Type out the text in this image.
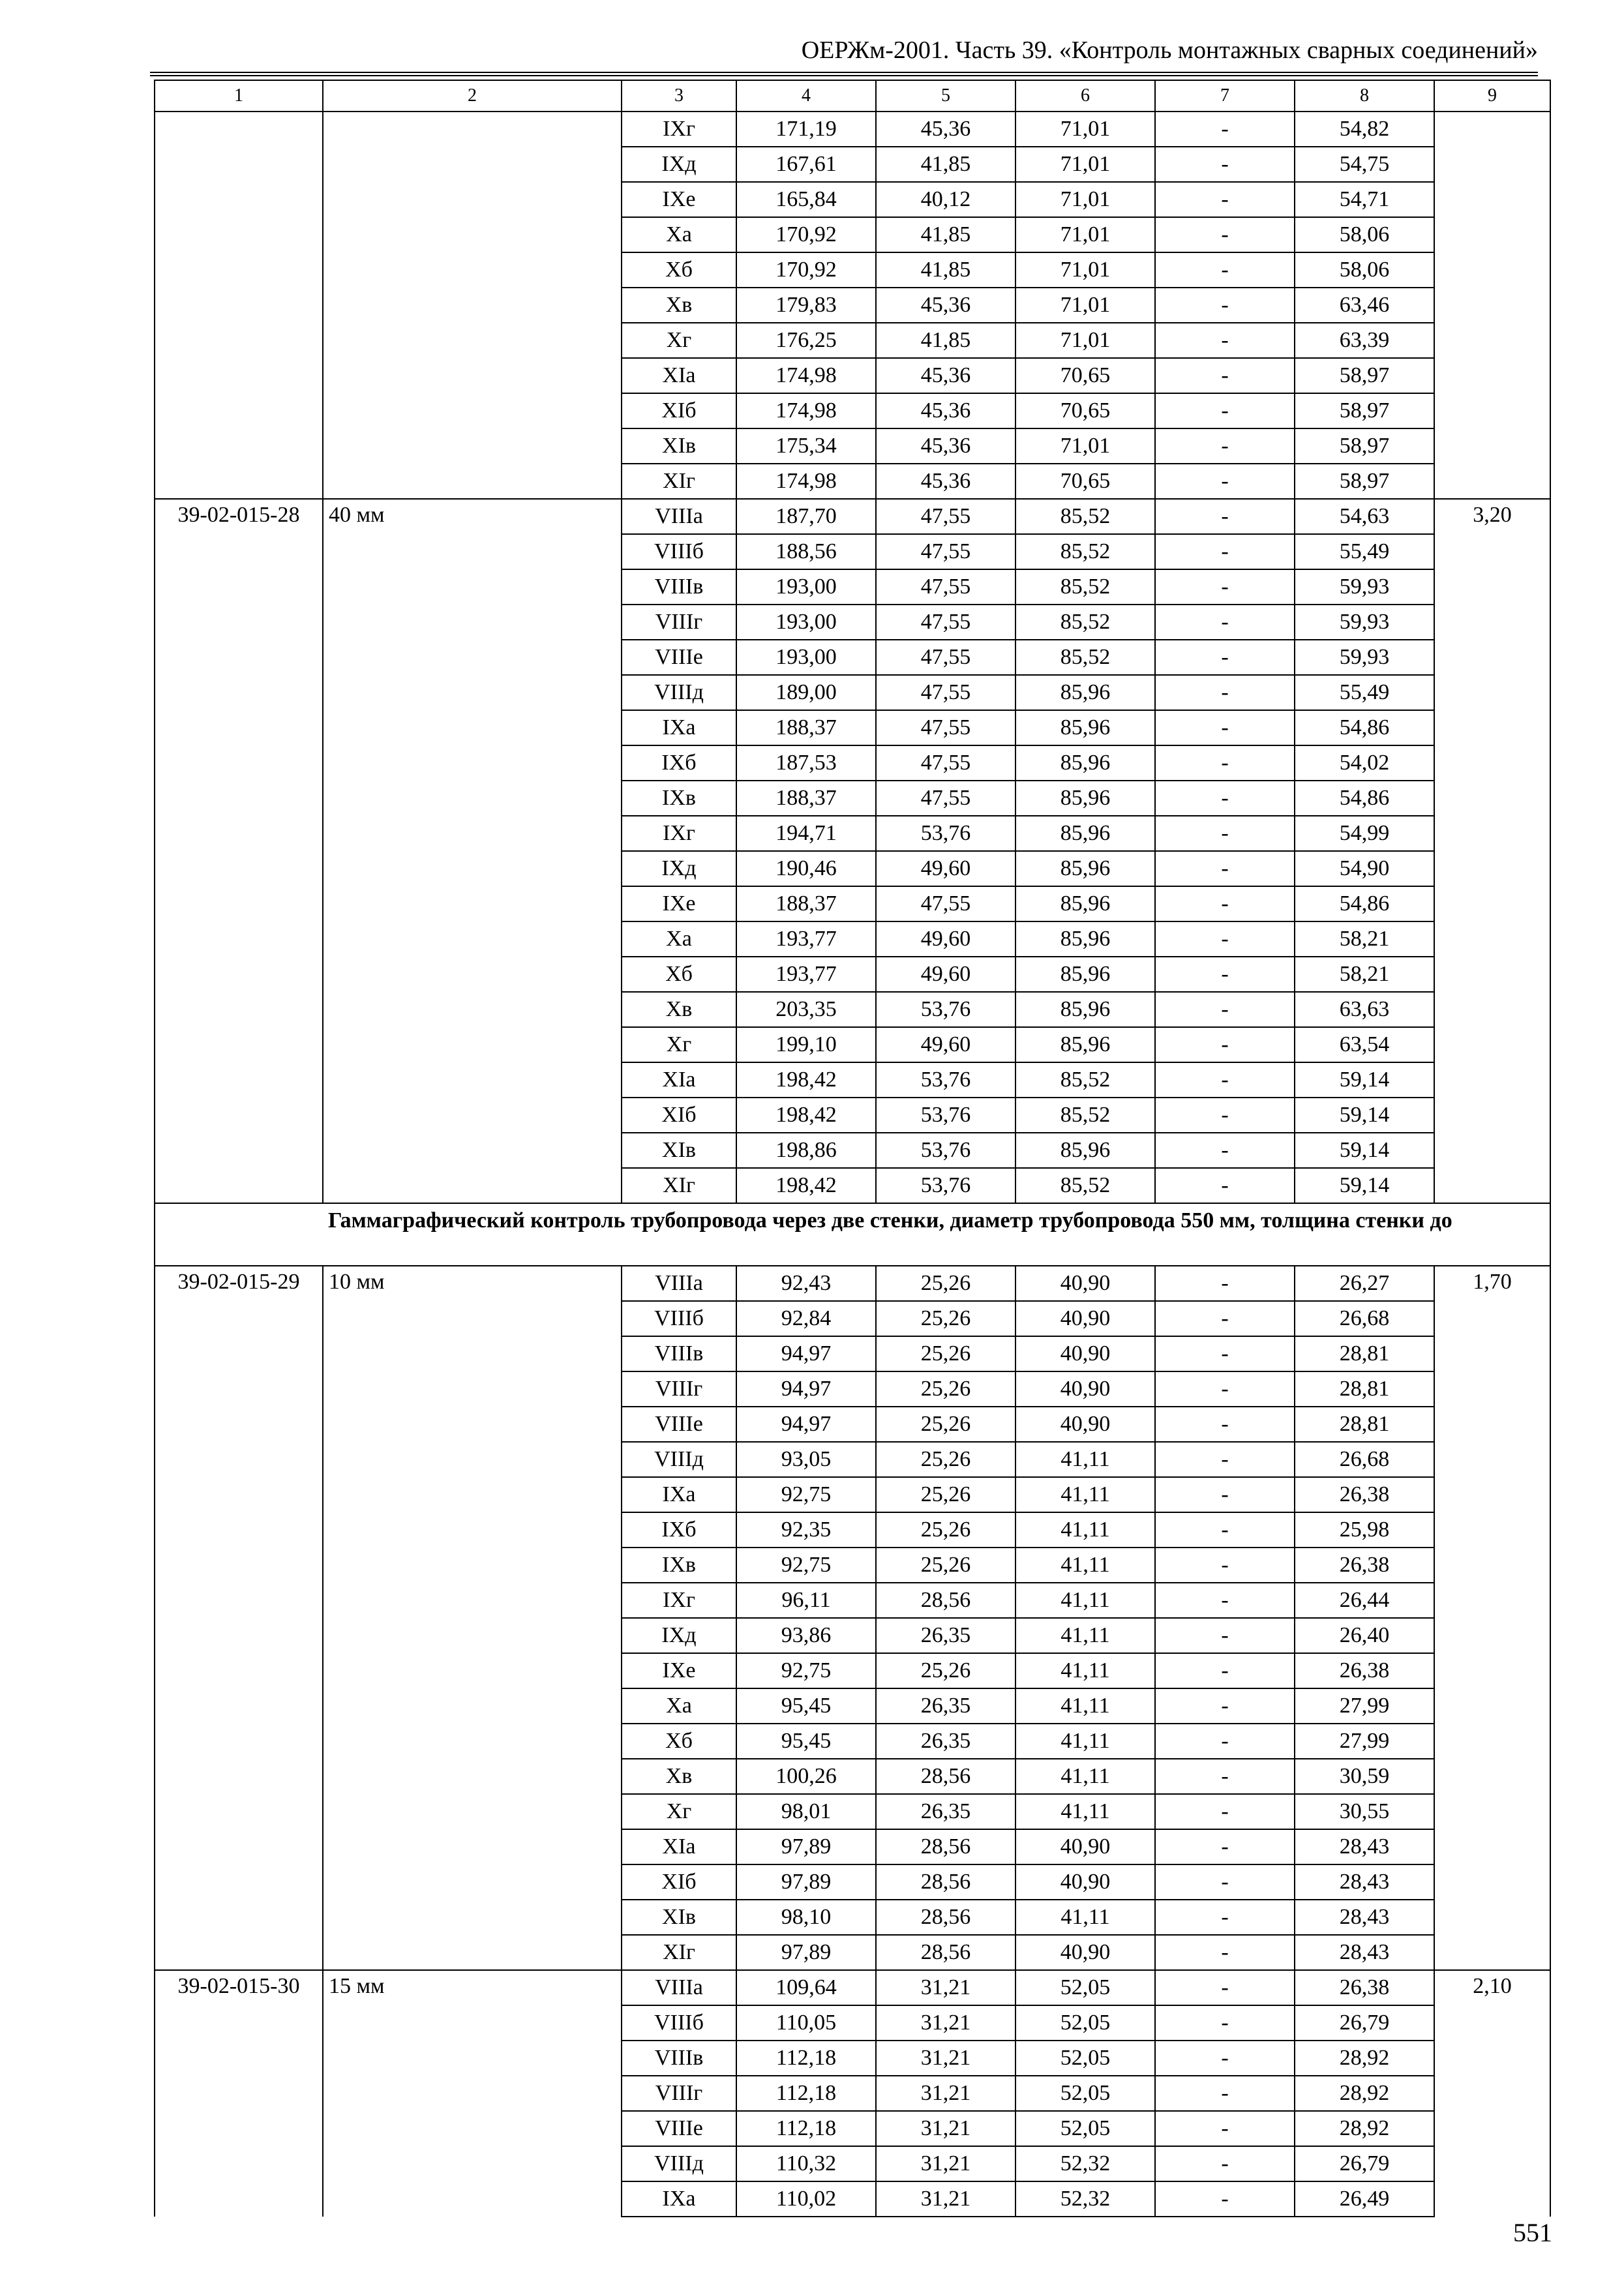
ОЕРЖм-2001. Часть 39. «Контроль монтажных сварных соединений»
1	2	3	4	5	6	7	8	9
		IXг	171,19	45,36	71,01	-	54,82	
		IXд	167,61	41,85	71,01	-	54,75	
		IXе	165,84	40,12	71,01	-	54,71	
		Xа	170,92	41,85	71,01	-	58,06	
		Xб	170,92	41,85	71,01	-	58,06	
		Xв	179,83	45,36	71,01	-	63,46	
		Xг	176,25	41,85	71,01	-	63,39	
		XIа	174,98	45,36	70,65	-	58,97	
		XIб	174,98	45,36	70,65	-	58,97	
		XIв	175,34	45,36	71,01	-	58,97	
		XIг	174,98	45,36	70,65	-	58,97	
39-02-015-28	40 мм	VIIIа	187,70	47,55	85,52	-	54,63	3,20
		VIIIб	188,56	47,55	85,52	-	55,49	
		VIIIв	193,00	47,55	85,52	-	59,93	
		VIIIг	193,00	47,55	85,52	-	59,93	
		VIIIе	193,00	47,55	85,52	-	59,93	
		VIIIд	189,00	47,55	85,96	-	55,49	
		IXа	188,37	47,55	85,96	-	54,86	
		IXб	187,53	47,55	85,96	-	54,02	
		IXв	188,37	47,55	85,96	-	54,86	
		IXг	194,71	53,76	85,96	-	54,99	
		IXд	190,46	49,60	85,96	-	54,90	
		IXе	188,37	47,55	85,96	-	54,86	
		Xа	193,77	49,60	85,96	-	58,21	
		Xб	193,77	49,60	85,96	-	58,21	
		Xв	203,35	53,76	85,96	-	63,63	
		Xг	199,10	49,60	85,96	-	63,54	
		XIа	198,42	53,76	85,52	-	59,14	
		XIб	198,42	53,76	85,52	-	59,14	
		XIв	198,86	53,76	85,96	-	59,14	
		XIг	198,42	53,76	85,52	-	59,14	
	Гаммаграфический контроль трубопровода через две стенки, диаметр трубопровода 550 мм, толщина стенки до							
39-02-015-29	10 мм	VIIIа	92,43	25,26	40,90	-	26,27	1,70
		VIIIб	92,84	25,26	40,90	-	26,68	
		VIIIв	94,97	25,26	40,90	-	28,81	
		VIIIг	94,97	25,26	40,90	-	28,81	
		VIIIе	94,97	25,26	40,90	-	28,81	
		VIIIд	93,05	25,26	41,11	-	26,68	
		IXа	92,75	25,26	41,11	-	26,38	
		IXб	92,35	25,26	41,11	-	25,98	
		IXв	92,75	25,26	41,11	-	26,38	
		IXг	96,11	28,56	41,11	-	26,44	
		IXд	93,86	26,35	41,11	-	26,40	
		IXе	92,75	25,26	41,11	-	26,38	
		Xа	95,45	26,35	41,11	-	27,99	
		Xб	95,45	26,35	41,11	-	27,99	
		Xв	100,26	28,56	41,11	-	30,59	
		Xг	98,01	26,35	41,11	-	30,55	
		XIа	97,89	28,56	40,90	-	28,43	
		XIб	97,89	28,56	40,90	-	28,43	
		XIв	98,10	28,56	41,11	-	28,43	
		XIг	97,89	28,56	40,90	-	28,43	
39-02-015-30	15 мм	VIIIа	109,64	31,21	52,05	-	26,38	2,10
		VIIIб	110,05	31,21	52,05	-	26,79	
		VIIIв	112,18	31,21	52,05	-	28,92	
		VIIIг	112,18	31,21	52,05	-	28,92	
		VIIIе	112,18	31,21	52,05	-	28,92	
		VIIIд	110,32	31,21	52,32	-	26,79	
		IXа	110,02	31,21	52,32	-	26,49	
551
